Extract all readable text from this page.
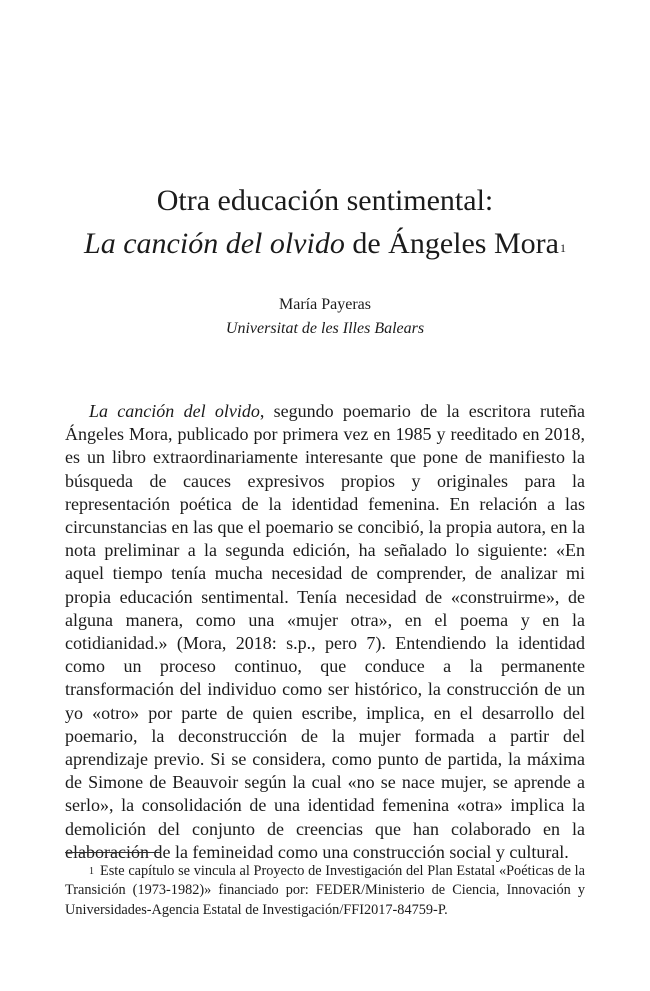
Otra educación sentimental:
La canción del olvido de Ángeles Mora$^1$
María Payeras
Universitat de les Illes Balears

La canción del olvido, segundo poemario de la escritora ruteña Ángeles Mora, publicado por primera vez en 1985 y reeditado en 2018, es un libro extraordinariamente interesante que pone de manifiesto la búsqueda de cauces expresivos propios y originales para la representación poética de la identidad femenina. En relación a las circunstancias en las que el poemario se concibió, la propia autora, en la nota preliminar a la segunda edición, ha señalado lo siguiente: «En aquel tiempo tenía mucha necesidad de comprender, de analizar mi propia educación sentimental. Tenía necesidad de «construirme», de alguna manera, como una «mujer otra», en el poema y en la cotidianidad.» (Mora, 2018: s.p., pero 7). Entendiendo la identidad como un proceso continuo, que conduce a la permanente transformación del individuo como ser histórico, la construcción de un yo «otro» por parte de quien escribe, implica, en el desarrollo del poemario, la deconstrucción de la mujer formada a partir del aprendizaje previo. Si se considera, como punto de partida, la máxima de Simone de Beauvoir según la cual «no se nace mujer, se aprende a serlo», la consolidación de una identidad femenina «otra» implica la demolición del conjunto de creencias que han colaborado en la elaboración de la femineidad como una construcción social y cultural.

$^1$ Este capítulo se vincula al Proyecto de Investigación del Plan Estatal «Poéticas de la Transición (1973-1982)» financiado por: FEDER/Ministerio de Ciencia, Innovación y Universidades-Agencia Estatal de Investigación/FFI2017-84759-P.
